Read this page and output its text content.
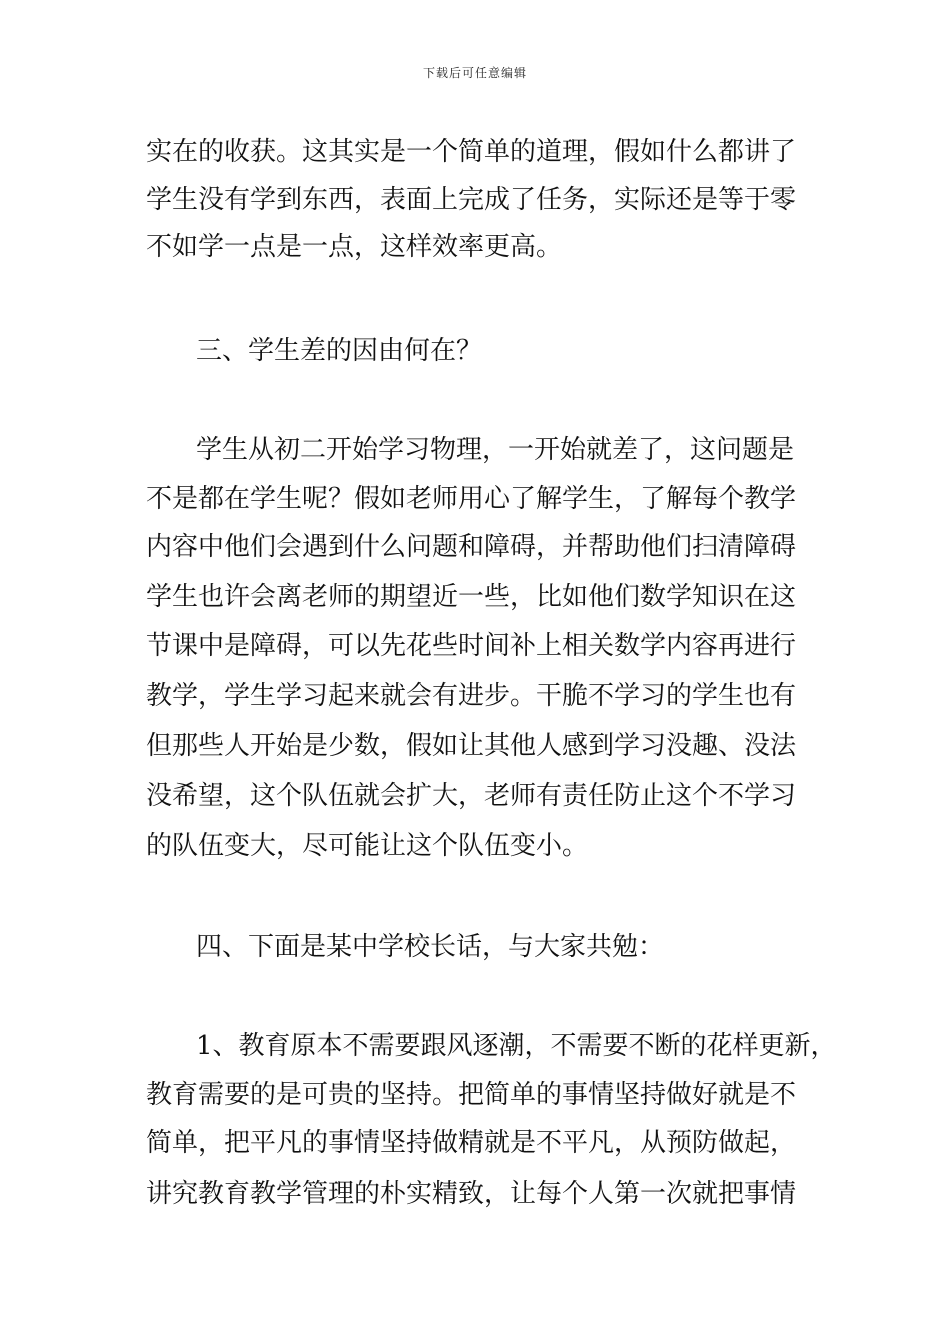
下载后可任意编辑
实在的收获。这其实是一个简单的道理，假如什么都讲了
学生没有学到东西，表面上完成了任务，实际还是等于零
不如学一点是一点，这样效率更高。
三、学生差的因由何在？
学生从初二开始学习物理，一开始就差了，这问题是
不是都在学生呢？假如老师用心了解学生，了解每个教学
内容中他们会遇到什么问题和障碍，并帮助他们扫清障碍
学生也许会离老师的期望近一些，比如他们数学知识在这
节课中是障碍，可以先花些时间补上相关数学内容再进行
教学，学生学习起来就会有进步。干脆不学习的学生也有
但那些人开始是少数，假如让其他人感到学习没趣、没法
没希望，这个队伍就会扩大，老师有责任防止这个不学习
的队伍变大，尽可能让这个队伍变小。
四、下面是某中学校长话，与大家共勉：
1、教育原本不需要跟风逐潮，不需要不断的花样更新，
教育需要的是可贵的坚持。把简单的事情坚持做好就是不
简单，把平凡的事情坚持做精就是不平凡，从预防做起，
讲究教育教学管理的朴实精致，让每个人第一次就把事情
